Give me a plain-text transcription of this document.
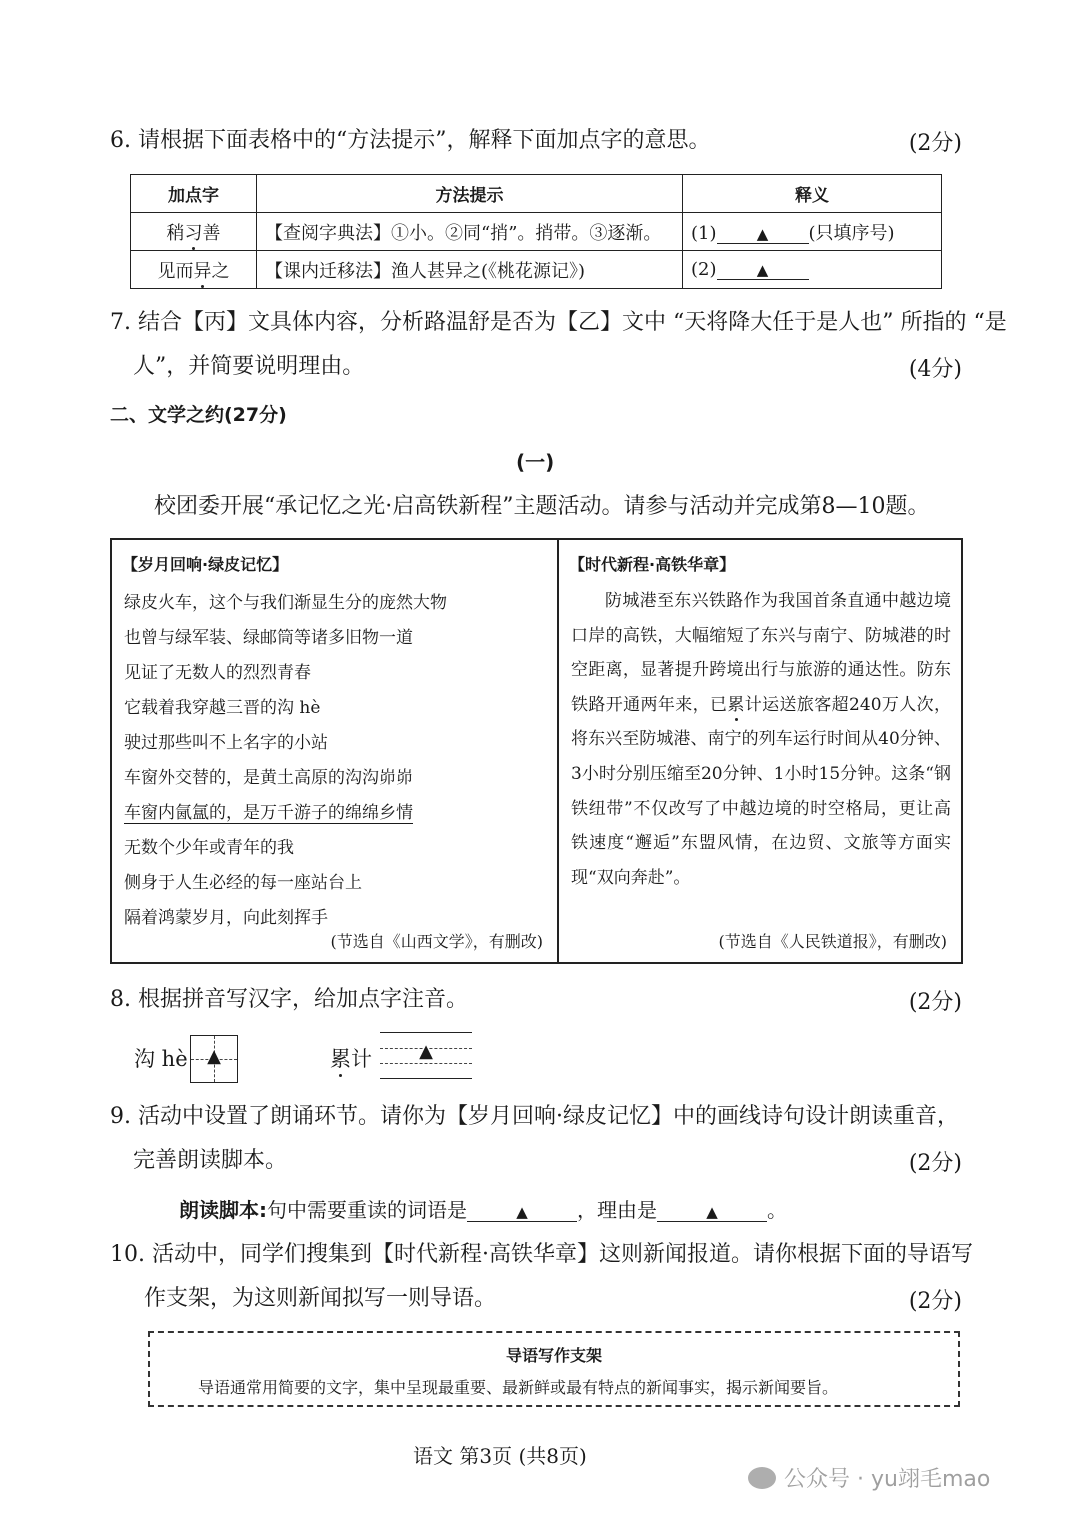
6. 请根据下面表格中的“方法提示”，解释下面加点字的意思。	(2分)
加点字	方法提示	释义
稍习善	【查阅字典法】①小。②同“捎”。捎带。③逐渐。	(1) ▲ (只填序号)
见而异之	【课内迁移法】渔人甚异之(《桃花源记》)	(2) ▲
7. 结合【丙】文具体内容，分析路温舒是否为【乙】文中 “天将降大任于是人也” 所指的 “是
人”，并简要说明理由。	(4分)
二、文学之约(27分)
(一)
校团委开展“承记忆之光·启高铁新程”主题活动。请参与活动并完成第8—10题。
【岁月回响·绿皮记忆】
绿皮火车，这个与我们渐显生分的庞然大物
也曾与绿军装、绿邮筒等诸多旧物一道
见证了无数人的烈烈青春
它载着我穿越三晋的沟 hè
驶过那些叫不上名字的小站
车窗外交替的，是黄土高原的沟沟峁峁
车窗内氤氲的，是万千游子的绵绵乡情
无数个少年或青年的我
侧身于人生必经的每一座站台上
隔着鸿蒙岁月，向此刻挥手
(节选自《山西文学》，有删改)
【时代新程·高铁华章】
防城港至东兴铁路作为我国首条直通中越边境口岸的高铁，大幅缩短了东兴与南宁、防城港的时空距离，显著提升跨境出行与旅游的通达性。防东铁路开通两年来，已累计运送旅客超240万人次，将东兴至防城港、南宁的列车运行时间从40分钟、3小时分别压缩至20分钟、1小时15分钟。这条“钢铁纽带”不仅改写了中越边境的时空格局，更让高铁速度“邂逅”东盟风情，在边贸、文旅等方面实现“双向奔赴”。
(节选自《人民铁道报》，有删改)
8. 根据拼音写汉字，给加点字注音。	(2分)
沟 hè	▲	累计	▲
9. 活动中设置了朗诵环节。请你为【岁月回响·绿皮记忆】中的画线诗句设计朗读重音，
完善朗读脚本。	(2分)
朗读脚本:句中需要重读的词语是	▲ ，理由是	▲ 。
10. 活动中，同学们搜集到【时代新程·高铁华章】这则新闻报道。请你根据下面的导语写
作支架，为这则新闻拟写一则导语。	(2分)
导语写作支架
导语通常用简要的文字，集中呈现最重要、最新鲜或最有特点的新闻事实，揭示新闻要旨。
语文 第3页 (共8页)
公众号 · yu翊毛mao
